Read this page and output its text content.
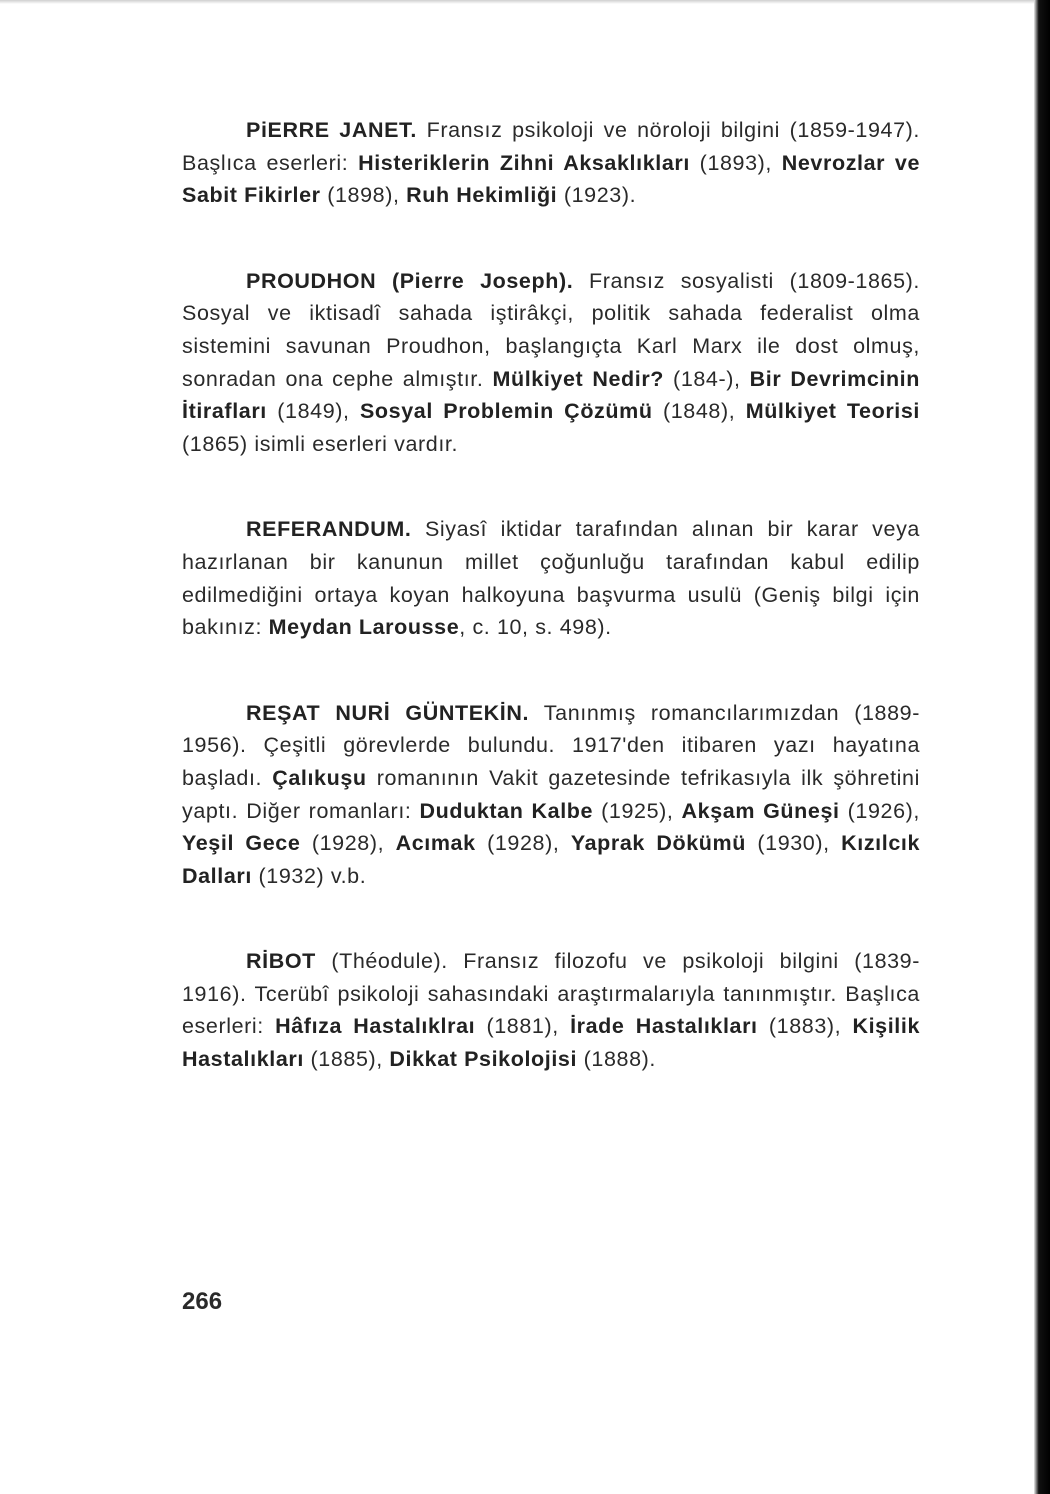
PiERRE JANET. Fransız psikoloji ve nöroloji bilgini (1859-1947). Başlıca eserleri: Histeriklerin Zihni Aksaklıkları (1893), Nevrozlar ve Sabit Fikirler (1898), Ruh Hekimliği (1923).
PROUDHON (Pierre Joseph). Fransız sosyalisti (1809-1865). Sosyal ve iktisadî sahada iştirâkçi, politik sahada federalist olma sistemini savunan Proudhon, başlangıçta Karl Marx ile dost olmuş, sonradan ona cephe almıştır. Mülkiyet Nedir? (184-), Bir Devrimcinin İtirafları (1849), Sosyal Problemin Çözümü (1848), Mülkiyet Teorisi (1865) isimli eserleri vardır.
REFERANDUM. Siyasî iktidar tarafından alınan bir karar veya hazırlanan bir kanunun millet çoğunluğu tarafından kabul edilip edilmediğini ortaya koyan halkoyuna başvurma usulü (Geniş bilgi için bakınız: Meydan Larousse, c. 10, s. 498).
REŞAT NURİ GÜNTEKİN. Tanınmış romancılarımızdan (1889-1956). Çeşitli görevlerde bulundu. 1917'den itibaren yazı hayatına başladı. Çalıkuşu romanının Vakit gazetesinde tefrikasıyla ilk şöhretini yaptı. Diğer romanları: Duduktan Kalbe (1925), Akşam Güneşi (1926), Yeşil Gece (1928), Acımak (1928), Yaprak Dökümü (1930), Kızılcık Dalları (1932) v.b.
RİBOT (Théodule). Fransız filozofu ve psikoloji bilgini (1839-1916). Tcerübî psikoloji sahasındaki araştırmalarıyla tanınmıştır. Başlıca eserleri: Hâfıza Hastalıklraı (1881), İrade Hastalıkları (1883), Kişilik Hastalıkları (1885), Dikkat Psikolojisi (1888).
266
